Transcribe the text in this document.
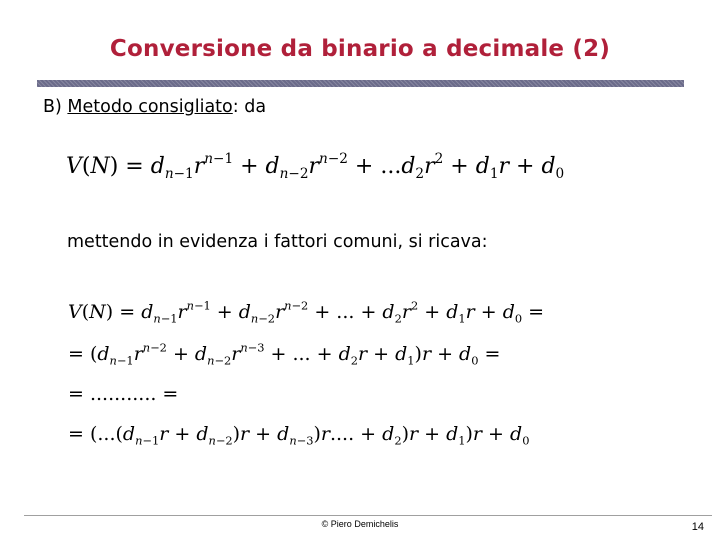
Conversione da binario a decimale (2)
B) Metodo consigliato: da
$V(N) = d_{n-1}r^{n-1} + d_{n-2}r^{n-2} + ...d_2r^2 + d_1r + d_0$
mettendo in evidenza i fattori comuni, si ricava:
$V(N) = d_{n-1}r^{n-1} + d_{n-2}r^{n-2}$ + ... + $d_2r^2 + d_1r + d_0$ =
= ($d_{n-1}r^{n-2} + d_{n-2}r^{n-3}$ + ... + $d_2r + d_1)r + d_0$ =
= ........... =
= $(...(d_{n-1}r + d_{n-2})r + d_{n-3})r$.... + $d_2)r + d_1)r + d_0$
© Piero Demichelis	14
